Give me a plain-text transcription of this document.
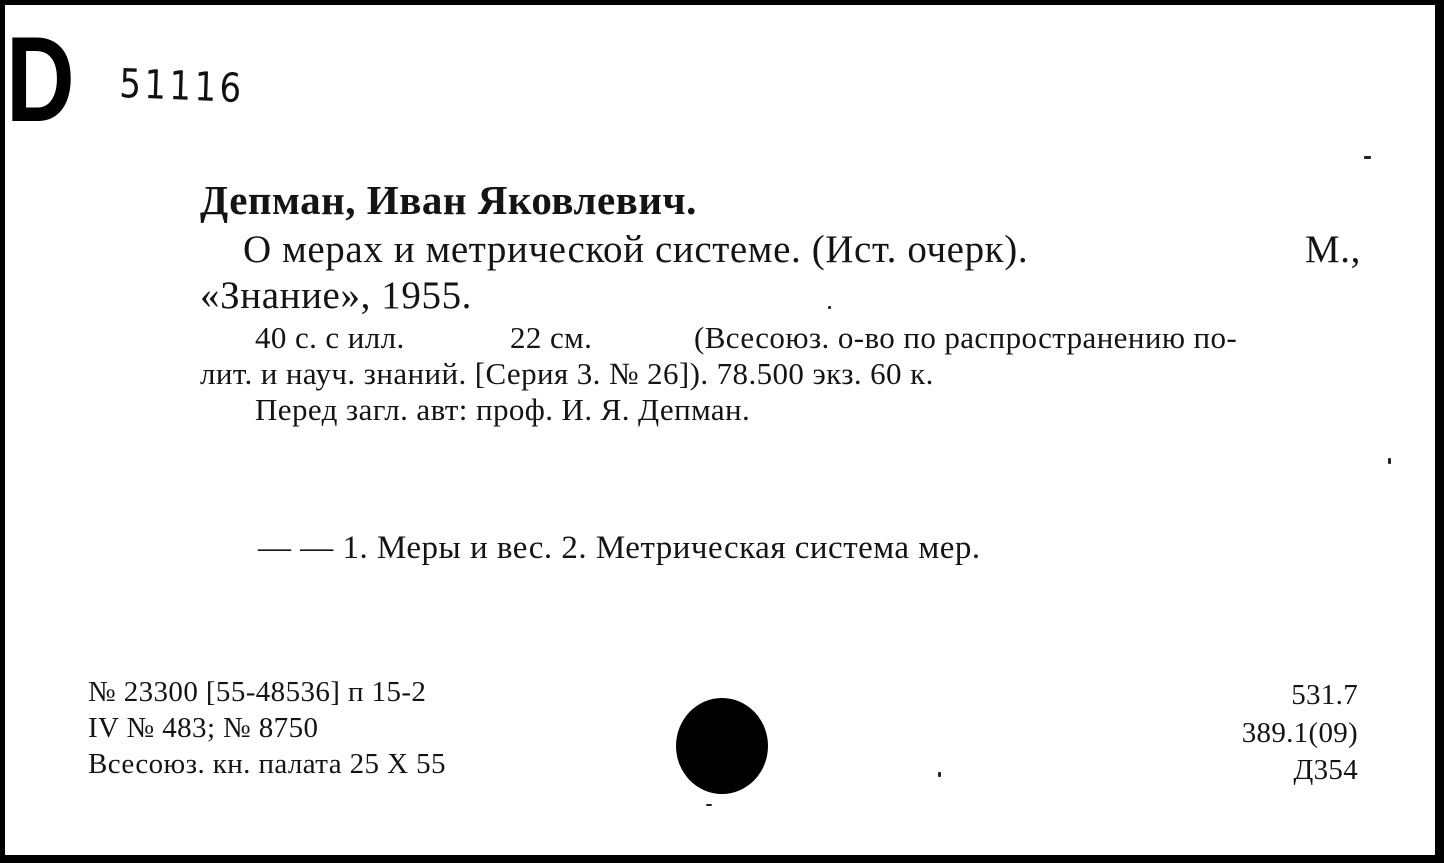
D 51116
Депман, Иван Яковлевич.
О мерах и метрической системе. (Ист. очерк).	М.,
«Знание», 1955.
40 с. с илл.	22 см.	(Всесоюз. о-во по распространению по-
лит. и науч. знаний. [Серия 3. № 26]). 78.500 экз. 60 к.
Перед загл. авт: проф. И. Я. Депман.
— — 1. Меры и вес. 2. Метрическая система мер.
№ 23300 [55-48536] п 15-2
IV № 483; № 8750
Всесоюз. кн. палата 25 X 55
531.7
389.1(09)
Д354
